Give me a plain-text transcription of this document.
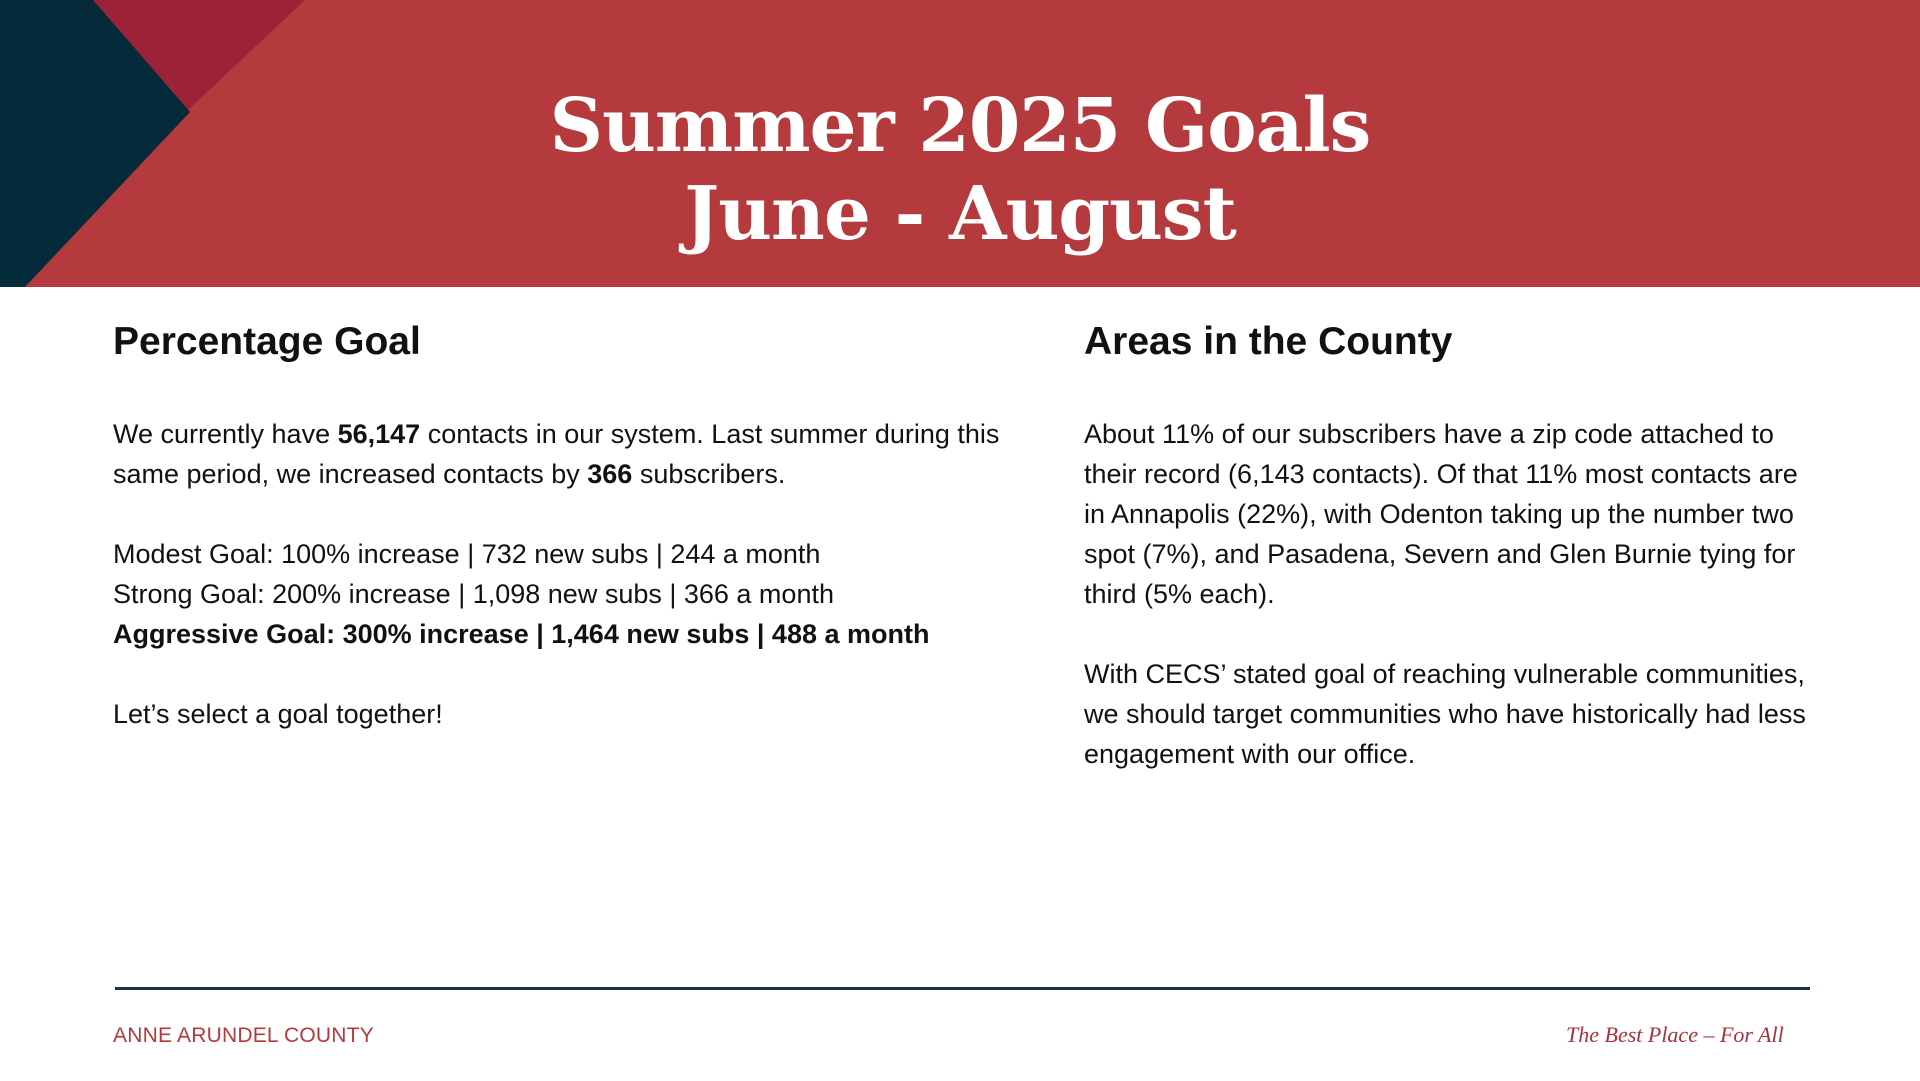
Summer 2025 Goals
June - August
Percentage Goal

We currently have 56,147 contacts in our system. Last summer during this same period, we increased contacts by 366 subscribers.

Modest Goal: 100% increase | 732 new subs | 244 a month
Strong Goal: 200% increase | 1,098 new subs | 366 a month
Aggressive Goal: 300% increase | 1,464 new subs | 488 a month

Let’s select a goal together!

Areas in the County

About 11% of our subscribers have a zip code attached to their record (6,143 contacts). Of that 11% most contacts are in Annapolis (22%), with Odenton taking up the number two spot (7%), and Pasadena, Severn and Glen Burnie tying for third (5% each).

With CECS’ stated goal of reaching vulnerable communities, we should target communities who have historically had less engagement with our office.

ANNE ARUNDEL COUNTY	The Best Place – For All
